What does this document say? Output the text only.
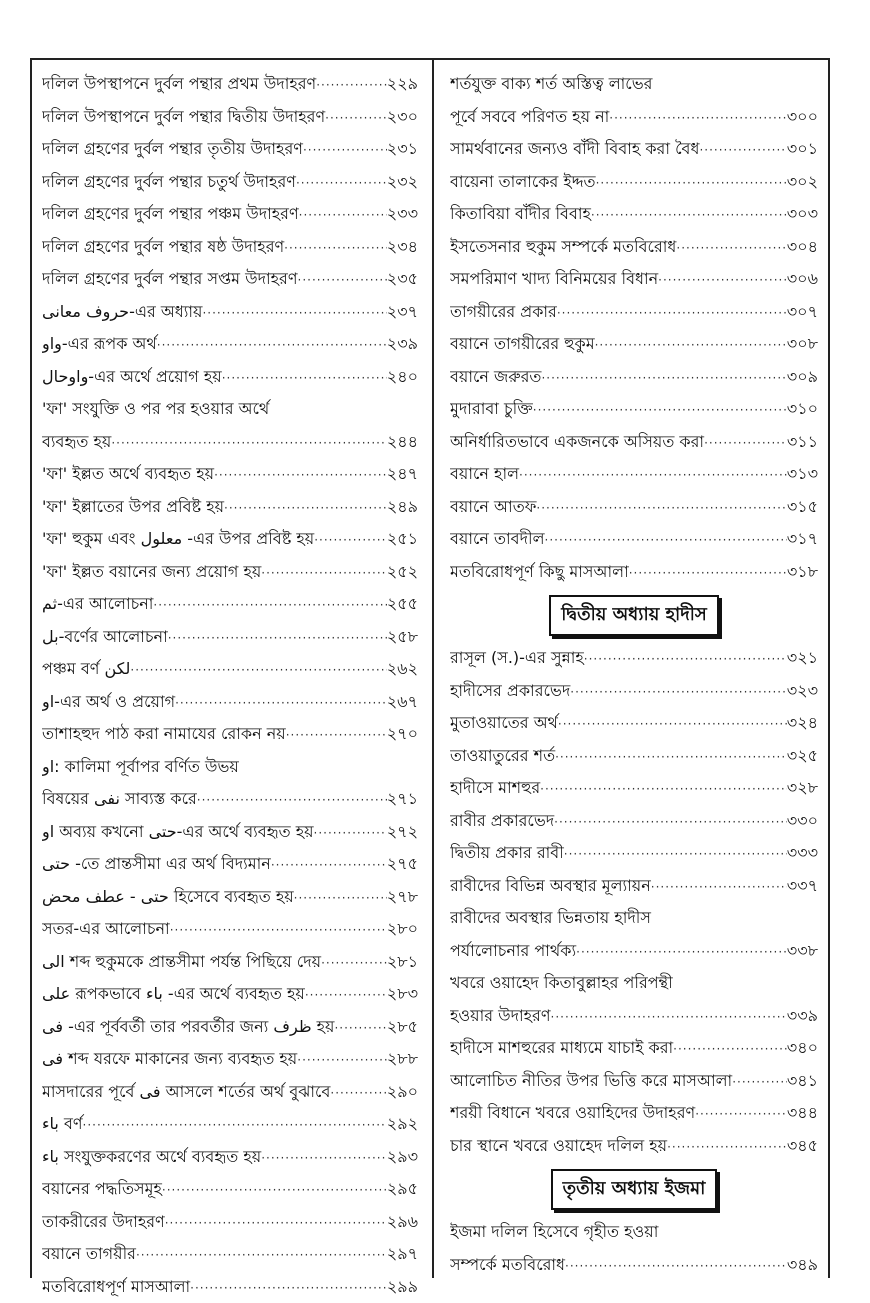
দলিল উপস্থাপনে দুর্বল পন্থার প্রথম উদাহরণ ·····	২২৯
দলিল উপস্থাপনে দুর্বল পন্থার দ্বিতীয় উদাহরণ ·····	২৩০
দলিল গ্রহণের দুর্বল পন্থার তৃতীয় উদাহরণ ·····	২৩১
দলিল গ্রহণের দুর্বল পন্থার চতুর্থ উদাহরণ ·····	২৩২
দলিল গ্রহণের দুর্বল পন্থার পঞ্চম উদাহরণ ·····	২৩৩
দলিল গ্রহণের দুর্বল পন্থার ষষ্ঠ উদাহরণ ·····	২৩৪
দলিল গ্রহণের দুর্বল পন্থার সপ্তম উদাহরণ ·····	২৩৫
حروف معانى-এর অধ্যায় ·····	২৩৭
واو-এর রূপক অর্থ ·····	২৩৯
واوحال-এর অর্থে প্রয়োগ হয় ·····	২৪০
'ফা' সংযুক্তি ও পর পর হওয়ার অর্থে
ব্যবহৃত হয় ·····	২৪৪
'ফা' ইল্লত অর্থে ব্যবহৃত হয় ·····	২৪৭
'ফা' ইল্লাতের উপর প্রবিষ্ট হয় ·····	২৪৯
'ফা' হুকুম এবং معلول -এর উপর প্রবিষ্ট হয় ·····	২৫১
'ফা' ইল্লত বয়ানের জন্য প্রয়োগ হয় ·····	২৫২
ثم-এর আলোচনা ·····	২৫৫
بل-বর্ণের আলোচনা ·····	২৫৮
পঞ্চম বর্ণ لكن ·····	২৬২
او-এর অর্থ ও প্রয়োগ ·····	২৬৭
তাশাহহুদ পাঠ করা নামাযের রোকন নয় ·····	২৭০
او: কালিমা পূর্বাপর বর্ণিত উভয়
বিষয়ের نفى সাব্যস্ত করে ·····	২৭১
او অব্যয় কখনো حتى-এর অর্থে ব্যবহৃত হয় ·····	২৭২
حتى -তে প্রান্তসীমা এর অর্থ বিদ্যমান ·····	২৭৫
حتى - عطف محض হিসেবে ব্যবহৃত হয় ·····	২৭৮
সতর-এর আলোচনা ·····	২৮০
الى শব্দ হুকুমকে প্রান্তসীমা পর্যন্ত পিছিয়ে দেয় ·····	২৮১
على রূপকভাবে باء -এর অর্থে ব্যবহৃত হয় ·····	২৮৩
فى -এর পূর্ববর্তী তার পরবর্তীর জন্য ظرف হয় ·····	২৮৫
فى শব্দ যরফে মাকানের জন্য ব্যবহৃত হয় ·····	২৮৮
মাসদারের পূর্বে فى আসলে শর্তের অর্থ বুঝাবে ·····	২৯০
باء বর্ণ ·····	২৯২
باء সংযুক্তকরণের অর্থে ব্যবহৃত হয় ·····	২৯৩
বয়ানের পদ্ধতিসমূহ ·····	২৯৫
তাকরীরের উদাহরণ ·····	২৯৬
বয়ানে তাগয়ীর ·····	২৯৭
মতবিরোধপূর্ণ মাসআলা ·····	২৯৯
শর্তযুক্ত বাক্য শর্ত অস্তিত্ব লাভের
পূর্বে সববে পরিণত হয় না ·····	৩০০
সামর্থবানের জন্যও বাঁদী বিবাহ করা বৈধ ·····	৩০১
বায়েনা তালাকের ইদ্দত ·····	৩০২
কিতাবিয়া বাঁদীর বিবাহ ·····	৩০৩
ইসতেসনার হুকুম সম্পর্কে মতবিরোধ ·····	৩০৪
সমপরিমাণ খাদ্য বিনিময়ের বিধান ·····	৩০৬
তাগয়ীরের প্রকার ·····	৩০৭
বয়ানে তাগয়ীরের হুকুম ·····	৩০৮
বয়ানে জরুরত ·····	৩০৯
মুদারাবা চুক্তি ·····	৩১০
অনির্ধারিতভাবে একজনকে অসিয়ত করা ·····	৩১১
বয়ানে হাল ·····	৩১৩
বয়ানে আতফ ·····	৩১৫
বয়ানে তাবদীল ·····	৩১৭
মতবিরোধপূর্ণ কিছু মাসআলা ·····	৩১৮
দ্বিতীয় অধ্যায় হাদীস
রাসূল (স.)-এর সুন্নাহ ·····	৩২১
হাদীসের প্রকারভেদ ·····	৩২৩
মুতাওয়াতের অর্থ ·····	৩২৪
তাওয়াতুরের শর্ত ·····	৩২৫
হাদীসে মাশহুর ·····	৩২৮
রাবীর প্রকারভেদ ·····	৩৩০
দ্বিতীয় প্রকার রাবী ·····	৩৩৩
রাবীদের বিভিন্ন অবস্থার মূল্যায়ন ·····	৩৩৭
রাবীদের অবস্থার ভিন্নতায় হাদীস
পর্যালোচনার পার্থক্য ·····	৩৩৮
খবরে ওয়াহেদ কিতাবুল্লাহর পরিপন্থী
হওয়ার উদাহরণ ·····	৩৩৯
হাদীসে মাশহুরের মাধ্যমে যাচাই করা ·····	৩৪০
আলোচিত নীতির উপর ভিত্তি করে মাসআলা ·····	৩৪১
শরয়ী বিধানে খবরে ওয়াহিদের উদাহরণ ·····	৩৪৪
চার স্থানে খবরে ওয়াহেদ দলিল হয় ·····	৩৪৫
তৃতীয় অধ্যায় ইজমা
ইজমা দলিল হিসেবে গৃহীত হওয়া
সম্পর্কে মতবিরোধ ·····	৩৪৯
